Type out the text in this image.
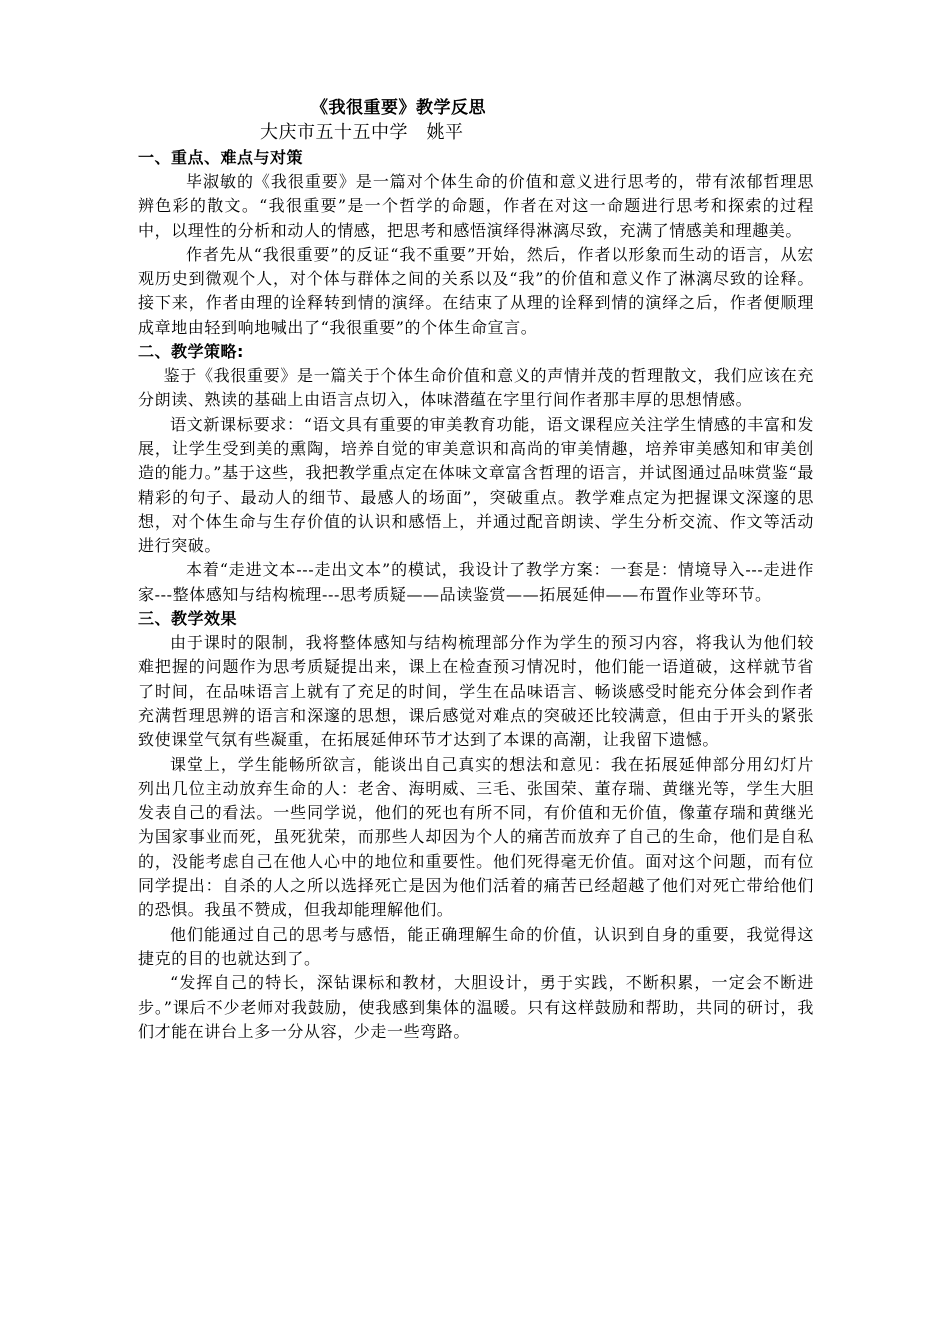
《我很重要》教学反思
大庆市五十五中学　姚平
一、重点、难点与对策

毕淑敏的《我很重要》是一篇对个体生命的价值和意义进行思考的，带有浓郁哲理思辨色彩的散文。“我很重要”是一个哲学的命题，作者在对这一命题进行思考和探索的过程中，以理性的分析和动人的情感，把思考和感悟演绎得淋漓尽致，充满了情感美和理趣美。

作者先从“我很重要”的反证“我不重要”开始，然后，作者以形象而生动的语言，从宏观历史到微观个人，对个体与群体之间的关系以及“我”的价值和意义作了淋漓尽致的诠释。接下来，作者由理的诠释转到情的演绎。在结束了从理的诠释到情的演绎之后，作者便顺理成章地由轻到响地喊出了“我很重要”的个体生命宣言。

二、教学策略:

鉴于《我很重要》是一篇关于个体生命价值和意义的声情并茂的哲理散文，我们应该在充分朗读、熟读的基础上由语言点切入，体味潜蕴在字里行间作者那丰厚的思想情感。

语文新课标要求：“语文具有重要的审美教育功能，语文课程应关注学生情感的丰富和发展，让学生受到美的熏陶，培养自觉的审美意识和高尚的审美情趣，培养审美感知和审美创造的能力。”基于这些，我把教学重点定在体味文章富含哲理的语言，并试图通过品味赏鉴“最精彩的句子、最动人的细节、最感人的场面”，突破重点。教学难点定为把握课文深邃的思想，对个体生命与生存价值的认识和感悟上，并通过配音朗读、学生分析交流、作文等活动进行突破。

本着“走进文本---走出文本”的模试，我设计了教学方案：一套是：情境导入---走进作家---整体感知与结构梳理---思考质疑——品读鉴赏——拓展延伸——布置作业等环节。

三、教学效果

由于课时的限制，我将整体感知与结构梳理部分作为学生的预习内容，将我认为他们较难把握的问题作为思考质疑提出来，课上在检查预习情况时，他们能一语道破，这样就节省了时间，在品味语言上就有了充足的时间，学生在品味语言、畅谈感受时能充分体会到作者充满哲理思辨的语言和深邃的思想，课后感觉对难点的突破还比较满意，但由于开头的紧张致使课堂气氛有些凝重，在拓展延伸环节才达到了本课的高潮，让我留下遗憾。

课堂上，学生能畅所欲言，能谈出自己真实的想法和意见：我在拓展延伸部分用幻灯片列出几位主动放弃生命的人：老舍、海明威、三毛、张国荣、董存瑞、黄继光等，学生大胆发表自己的看法。一些同学说，他们的死也有所不同，有价值和无价值，像董存瑞和黄继光为国家事业而死，虽死犹荣，而那些人却因为个人的痛苦而放弃了自己的生命，他们是自私的，没能考虑自己在他人心中的地位和重要性。他们死得毫无价值。面对这个问题，而有位同学提出：自杀的人之所以选择死亡是因为他们活着的痛苦已经超越了他们对死亡带给他们的恐惧。我虽不赞成，但我却能理解他们。

他们能通过自己的思考与感悟，能正确理解生命的价值，认识到自身的重要，我觉得这捷克的目的也就达到了。

“发挥自己的特长，深钻课标和教材，大胆设计，勇于实践，不断积累，一定会不断进步。”课后不少老师对我鼓励，使我感到集体的温暖。只有这样鼓励和帮助，共同的研讨，我们才能在讲台上多一分从容，少走一些弯路。
